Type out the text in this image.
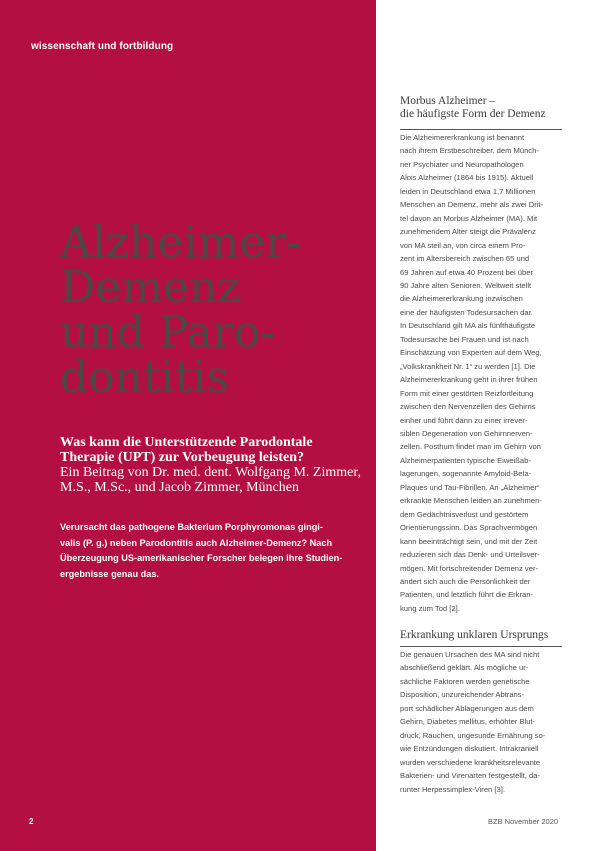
wissenschaft und fortbildung
Alzheimer-
Demenz
und Paro-
dontitis
Was kann die Unterstützende Parodontale
Therapie (UPT) zur Vorbeugung leisten?
Ein Beitrag von Dr. med. dent. Wolfgang M. Zimmer,
M.S., M.Sc., und Jacob Zimmer, München
Verursacht das pathogene Bakterium Porphyromonas gingi-
valis (P. g.) neben Parodontitis auch Alzheimer-Demenz? Nach
Überzeugung US-amerikanischer Forscher belegen ihre Studien-
ergebnisse genau das.
2
Morbus Alzheimer –
die häufigste Form der Demenz
Die Alzheimererkrankung ist benannt
nach ihrem Erstbeschreiber, dem Münch-
ner Psychiater und Neuropathologen
Alois Alzheimer (1864 bis 1915). Aktuell
leiden in Deutschland etwa 1,7 Millionen
Menschen an Demenz, mehr als zwei Drit-
tel davon an Morbus Alzheimer (MA). Mit
zunehmendem Alter steigt die Prävalenz
von MA steil an, von circa einem Pro-
zent im Altersbereich zwischen 65 und
69 Jahren auf etwa 40 Prozent bei über
90 Jahre alten Senioren. Weltweit stellt
die Alzheimererkrankung inzwischen
eine der häufigsten Todesursachen dar.
In Deutschland gilt MA als fünfthäufigste
Todesursache bei Frauen und ist nach
Einschätzung von Experten auf dem Weg,
„Volkskrankheit Nr. 1“ zu werden [1]. Die
Alzheimererkrankung geht in ihrer frühen
Form mit einer gestörten Reizfortleitung
zwischen den Nervenzellen des Gehirns
einher und führt dann zu einer irrever-
siblen Degeneration von Gehirnnerven-
zellen. Posthum findet man im Gehirn von
Alzheimerpatienten typische Eiweißab-
lagerungen, sogenannte Amyloid-Beta-
Plaques und Tau-Fibrillen. An „Alzheimer“
erkrankte Menschen leiden an zunehmen-
dem Gedächtnisverlust und gestörtem
Orientierungssinn. Das Sprachvermögen
kann beeinträchtigt sein, und mit der Zeit
reduzieren sich das Denk- und Urteilsver-
mögen. Mit fortschreitender Demenz ver-
ändert sich auch die Persönlichkeit der
Patienten, und letztlich führt die Erkran-
kung zum Tod [2].
Erkrankung unklaren Ursprungs
Die genauen Ursachen des MA sind nicht
abschließend geklärt. Als mögliche ur-
sächliche Faktoren werden genetische
Disposition, unzureichender Abtrans-
port schädlicher Ablagerungen aus dem
Gehirn, Diabetes mellitus, erhöhter Blut-
druck, Rauchen, ungesunde Ernährung so-
wie Entzündungen diskutiert. Intrakraniell
wurden verschiedene krankheitsrelevante
Bakterien- und Virenarten festgestellt, da-
runter Herpessimplex-Viren [3].
BZB November 2020
